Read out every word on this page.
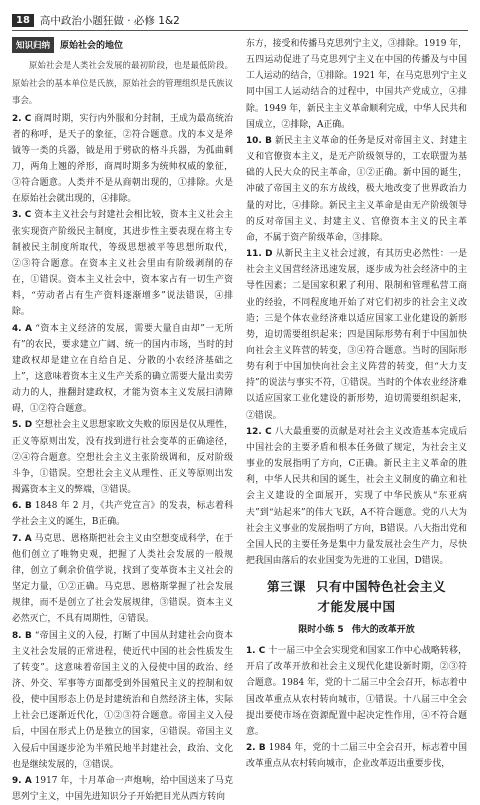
18 高中政治小题狂做 · 必修 1&2
知识归纳	原始社会的地位
原始社会是人类社会发展的最初阶段，也是最低阶段。原始社会的基本单位是氏族，原始社会的管理组织是氏族议事会。

2. C 商周时期，实行内外服和分封制，王成为最高统治者的称呼，是天子的象征，②符合题意。戊的本义是斧钺等一类的兵器，钺是用于劈砍的格斗兵器，为孤曲刺刀，两角上翘的斧形，商周时期多为统帅权威的象征，③符合题意。人类并不是从商朝出现的，①排除。火是在原始社会就出现的，④排除。

3. C 资本主义社会与封建社会相比较，资本主义社会主张实现资产阶级民主制度，其进步性主要表现在将主专制被民主制度所取代，等级思想被平等思想所取代，②③符合题意。在资本主义社会里由有阶级剥削的存在，①错误。资本主义社会中，资本家占有一切生产资料，“劳动者占有生产资料逐渐增多”说法错误，④排除。

4. A “资本主义经济的发展，需要大量自由却”一无所有”的农民，要求建立广阔、统一的国内市场，当时的封建政权却是建立在自给自足、分散的小农经济基础之上”，这意味着资本主义生产关系的确立需要大量出卖劳动力的人，推翻封建政权，才能为资本主义发展扫清障碍，①②符合题意。

5. D 空想社会主义思想家欧文失败的原因是仅从理性，正义等原则出发，没有找到进行社会变革的正确途径，②④符合题意。空想社会主义主张阶级调和，反对阶级斗争，①错误。空想社会主义从理性、正义等原则出发揭露资本主义的弊端，③错误。

6. B 1848 年 2 月，《共产党宣言》的发表，标志着科学社会主义的诞生，B正确。

7. A 马克思、恩格斯把社会主义由空想变成科学，在于他们创立了唯物史观，把握了人类社会发展的一般规律，创立了剩余价值学说，找到了变革资本主义社会的坚定力量，①②正确。马克思、恩格斯掌握了社会发展规律，而不是创立了社会发展规律，③错误。资本主义必然灭亡，不具有周期性，④错误。

8. B “帝国主义的入侵，打断了中国从封建社会向资本主义社会发展的正常进程，使近代中国的社会性质发生了转变”。这意味着帝国主义的入侵使中国的政治、经济、外交、军事等方面都受到外国殖民主义的控制和奴役，使中国形态上仍是封建统治和自然经济主体，实际上社会已逐渐近代化，①②③符合题意。帝国主义入侵后，中国在形式上仍是独立的国家，④错误。帝国主义入侵后中国逐步沦为半殖民地半封建社会，政治、文化也是继续发展的，③错误。

9. A 1917 年，十月革命一声炮响，给中国送来了马克思列宁主义，中国先进知识分子开始把目光从西方转向

东方，接受和传播马克思列宁主义，③排除。1919 年，五四运动促进了马克思列宁主义在中国的传播及与中国工人运动的结合，①排除。1921 年，在马克思列宁主义同中国工人运动结合的过程中，中国共产党成立，④排除。1949 年，新民主主义革命顺利完成，中华人民共和国成立，②排除，A正确。

10. B 新民主主义革命的任务是反对帝国主义、封建主义和官僚资本主义，是无产阶级领导的，工农联盟为基础的人民大众的民主革命，①②正确。新中国的诞生，冲破了帝国主义的东方战线，极大地改变了世界政治力量的对比，④排除。新民主主义革命是由无产阶级领导的反对帝国主义、封建主义、官僚资本主义的民主革命，不属于资产阶级革命，③排除。

11. D 从新民主主义社会过渡，有其历史必然性：一是社会主义国营经济迅速发展，逐步成为社会经济中的主导性因素；二是国家积累了利用、限制和管理私营工商业的经验，不同程度地开始了对它们初步的社会主义改造；三是个体农业经济难以适应国家工业化建设的新形势，迫切需要组织起来；四是国际形势有利于中国加快向社会主义阵营的转变，③④符合题意。当时的国际形势有利于中国加快向社会主义阵营的转变，但“大力支持”的说法与事实不符，①错误。当时的个体农业经济难以适应国家工业化建设的新形势，迫切需要组织起来，②错误。

12. C 八大最重要的贡献是对社会主义改造基本完成后中国社会的主要矛盾和根本任务做了规定，为社会主义事业的发展指明了方向，C正确。新民主主义革命的胜利，中华人民共和国的诞生，社会主义制度的确立和社会主义建设的全面展开，实现了中华民族从“东亚病夫”到“站起来”的伟大飞跃，A不符合题意。党的八大为社会主义事业的发展指明了方向，B错误。八大指出党和全国人民的主要任务是集中力量发展社会生产力，尽快把我国由落后的农业国变为先进的工业国，D错误。

第三课 只有中国特色社会主义
才能发展中国
限时小练 5 伟大的改革开放

1. C 十一届三中全会实现党和国家工作中心战略转移，开启了改革开放和社会主义现代化建设新时期，②③符合题意。1984 年，党的十二届三中全会召开，标志着中国改革重点从农村转向城市，①错误。十八届三中全会提出要使市场在资源配置中起决定性作用，④不符合题意。

2. B 1984 年，党的十二届三中全会召开，标志着中国改革重点从农村转向城市，企业改革迈出重要步伐，
